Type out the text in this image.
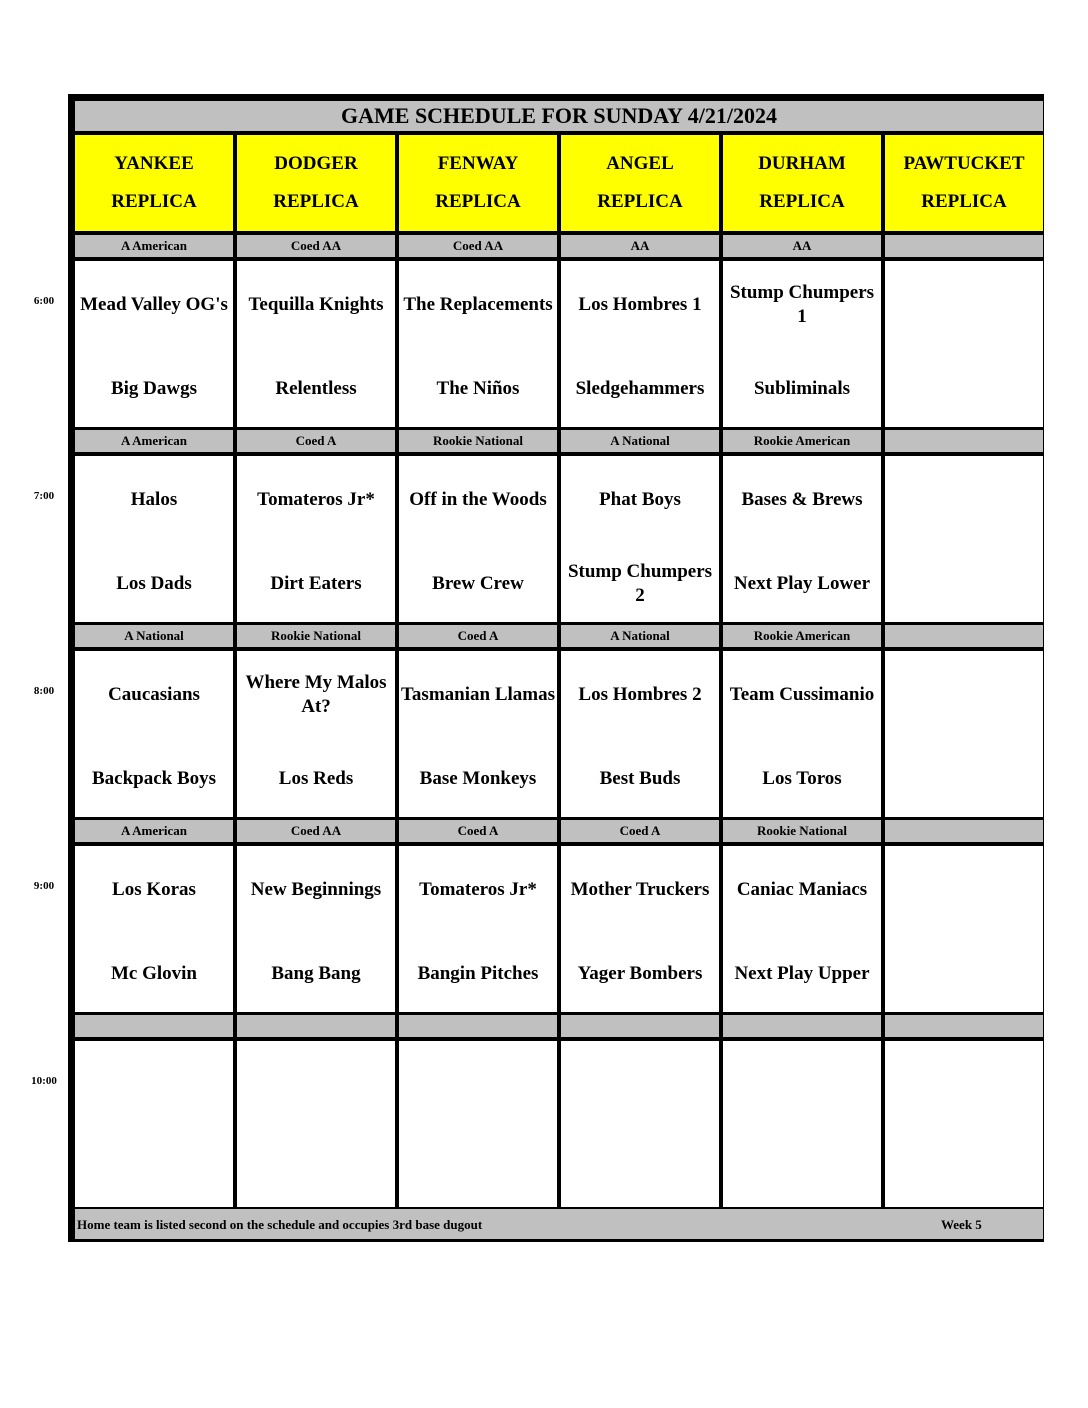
GAME SCHEDULE FOR SUNDAY 4/21/2024
YANKEE
REPLICA
DODGER
REPLICA
FENWAY
REPLICA
ANGEL
REPLICA
DURHAM
REPLICA
PAWTUCKET
REPLICA
A American
Mead Valley OG's
Big Dawgs
Coed AA
Tequilla Knights
Relentless
Coed AA
The Replacements
The Niños
AA
Los Hombres 1
Sledgehammers
AA
Stump Chumpers 1
Subliminals
A American
Halos
Los Dads
Coed A
Tomateros Jr*
Dirt Eaters
Rookie National
Off in the Woods
Brew Crew
A National
Phat Boys
Stump Chumpers 2
Rookie American
Bases & Brews
Next Play Lower
A National
Caucasians
Backpack Boys
Rookie National
Where My Malos At?
Los Reds
Coed A
Tasmanian Llamas
Base Monkeys
A National
Los Hombres 2
Best Buds
Rookie American
Team Cussimanio
Los Toros
A American
Los Koras
Mc Glovin
Coed AA
New Beginnings
Bang Bang
Coed A
Tomateros Jr*
Bangin Pitches
Coed A
Mother Truckers
Yager Bombers
Rookie National
Caniac Maniacs
Next Play Upper
Home team is listed second on the schedule and occupies 3rd base dugout	Week 5
6:00
7:00
8:00
9:00
10:00
